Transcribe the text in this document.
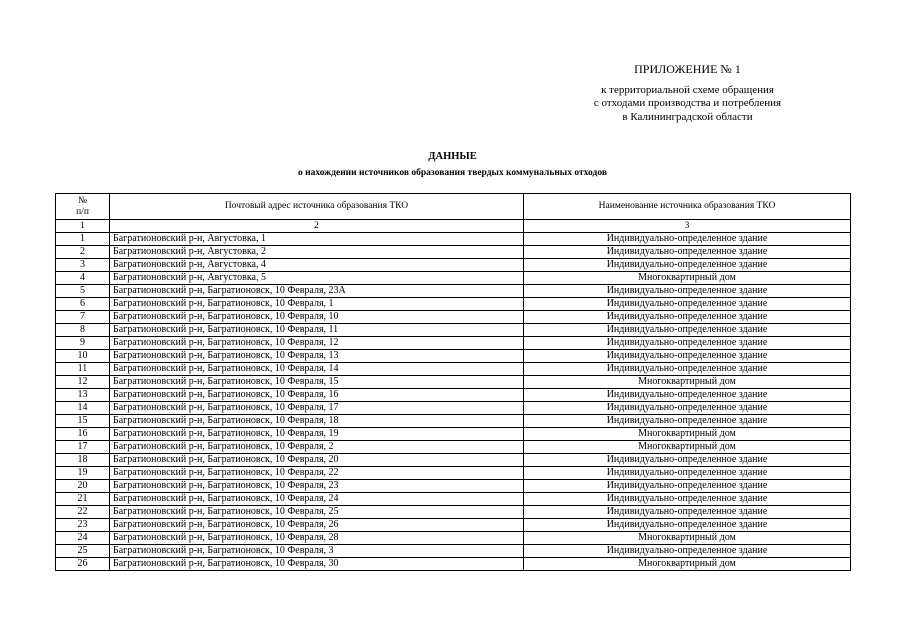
ПРИЛОЖЕНИЕ № 1
к территориальной схеме обращения
с отходами производства и потребления
в Калининградской области
ДАННЫЕ
о нахождении источников образования твердых коммунальных отходов
№
п/п	Почтовый адрес источника образования ТКО	Наименование источника образования ТКО
1	2	3
1	Багратионовский р-н, Августовка, 1	Индивидуально-определенное здание
2	Багратионовский р-н, Августовка, 2	Индивидуально-определенное здание
3	Багратионовский р-н, Августовка, 4	Индивидуально-определенное здание
4	Багратионовский р-н, Августовка, 5	Многоквартирный дом
5	Багратионовский р-н, Багратионовск, 10 Февраля, 23А	Индивидуально-определенное здание
6	Багратионовский р-н, Багратионовск, 10 Февраля, 1	Индивидуально-определенное здание
7	Багратионовский р-н, Багратионовск, 10 Февраля, 10	Индивидуально-определенное здание
8	Багратионовский р-н, Багратионовск, 10 Февраля, 11	Индивидуально-определенное здание
9	Багратионовский р-н, Багратионовск, 10 Февраля, 12	Индивидуально-определенное здание
10	Багратионовский р-н, Багратионовск, 10 Февраля, 13	Индивидуально-определенное здание
11	Багратионовский р-н, Багратионовск, 10 Февраля, 14	Индивидуально-определенное здание
12	Багратионовский р-н, Багратионовск, 10 Февраля, 15	Многоквартирный дом
13	Багратионовский р-н, Багратионовск, 10 Февраля, 16	Индивидуально-определенное здание
14	Багратионовский р-н, Багратионовск, 10 Февраля, 17	Индивидуально-определенное здание
15	Багратионовский р-н, Багратионовск, 10 Февраля, 18	Индивидуально-определенное здание
16	Багратионовский р-н, Багратионовск, 10 Февраля, 19	Многоквартирный дом
17	Багратионовский р-н, Багратионовск, 10 Февраля, 2	Многоквартирный дом
18	Багратионовский р-н, Багратионовск, 10 Февраля, 20	Индивидуально-определенное здание
19	Багратионовский р-н, Багратионовск, 10 Февраля, 22	Индивидуально-определенное здание
20	Багратионовский р-н, Багратионовск, 10 Февраля, 23	Индивидуально-определенное здание
21	Багратионовский р-н, Багратионовск, 10 Февраля, 24	Индивидуально-определенное здание
22	Багратионовский р-н, Багратионовск, 10 Февраля, 25	Индивидуально-определенное здание
23	Багратионовский р-н, Багратионовск, 10 Февраля, 26	Индивидуально-определенное здание
24	Багратионовский р-н, Багратионовск, 10 Февраля, 28	Многоквартирный дом
25	Багратионовский р-н, Багратионовск, 10 Февраля, 3	Индивидуально-определенное здание
26	Багратионовский р-н, Багратионовск, 10 Февраля, 30	Многоквартирный дом
